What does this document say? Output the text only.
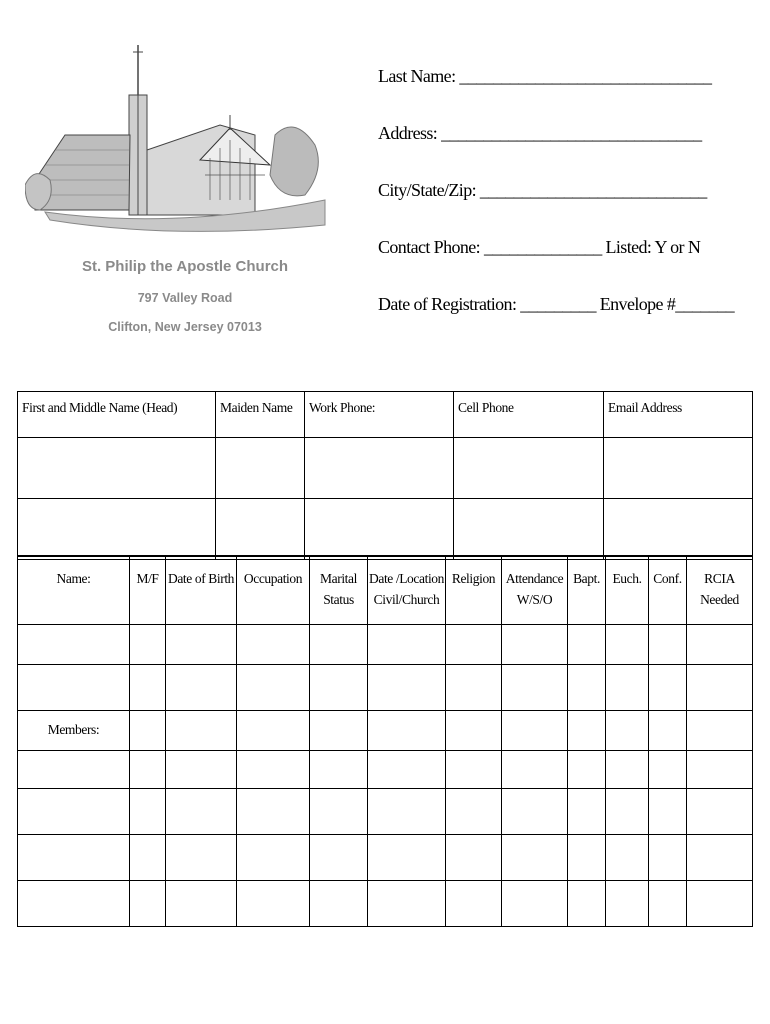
St. Philip the Apostle Church
797 Valley Road
Clifton, New Jersey 07013
Last Name: ______________________________
Address: _______________________________
City/State/Zip: ___________________________
Contact Phone: ______________ Listed: Y or N
Date of Registration: _________ Envelope #_______
First and Middle Name (Head)	Maiden Name	Work Phone:	Cell Phone	Email Address

Name:	M/F	Date of Birth	Occupation	Marital Status	Date /Location Civil/Church	Religion	Attendance W/S/O	Bapt.	Euch.	Conf.	RCIA Needed

Members:											
